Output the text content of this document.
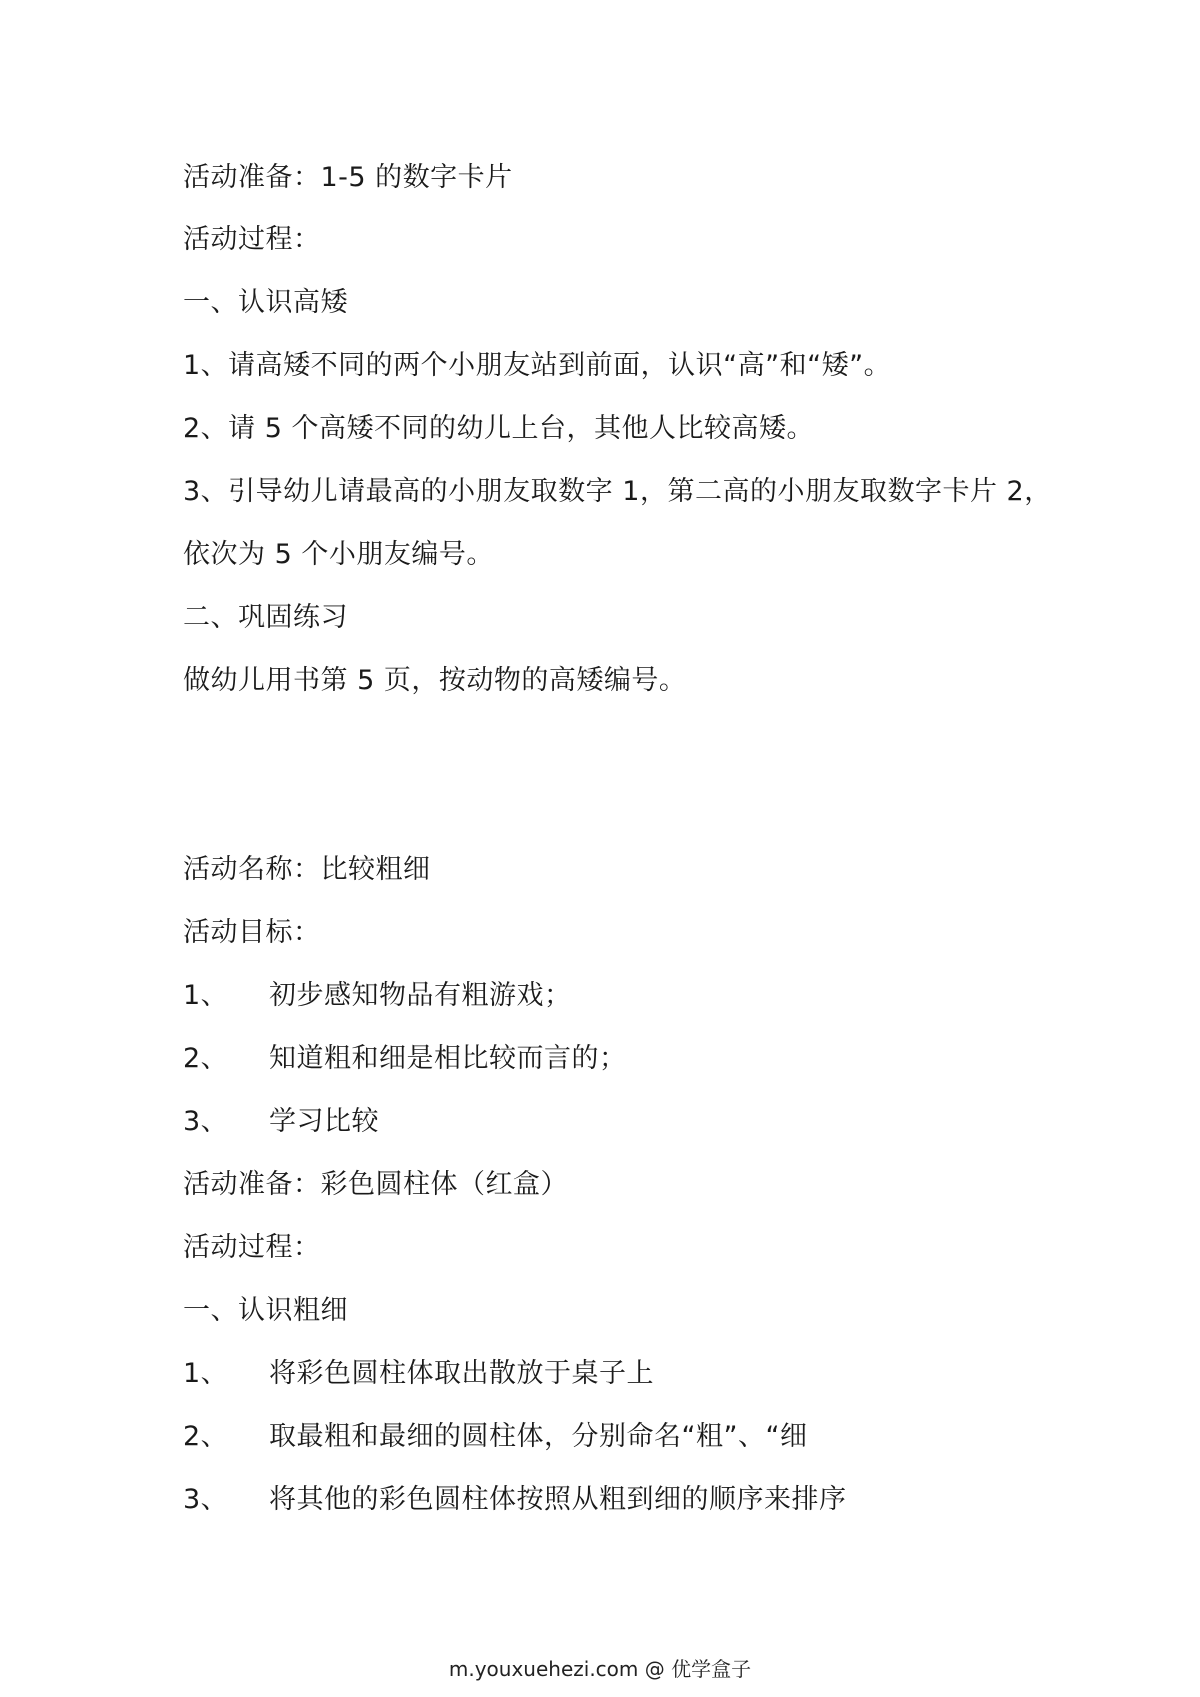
活动准备：1-5 的数字卡片
活动过程：
一、认识高矮
1、请高矮不同的两个小朋友站到前面，认识“高”和“矮”。
2、请 5 个高矮不同的幼儿上台，其他人比较高矮。
3、引导幼儿请最高的小朋友取数字 1，第二高的小朋友取数字卡片 2，
依次为 5 个小朋友编号。
二、巩固练习
做幼儿用书第 5 页，按动物的高矮编号。
活动名称：比较粗细
活动目标：
1、 初步感知物品有粗游戏；
2、 知道粗和细是相比较而言的；
3、 学习比较
活动准备：彩色圆柱体（红盒）
活动过程：
一、认识粗细
1、 将彩色圆柱体取出散放于桌子上
2、 取最粗和最细的圆柱体，分别命名“粗”、“细
3、 将其他的彩色圆柱体按照从粗到细的顺序来排序
m.youxuehezi.com @ 优学盒子
